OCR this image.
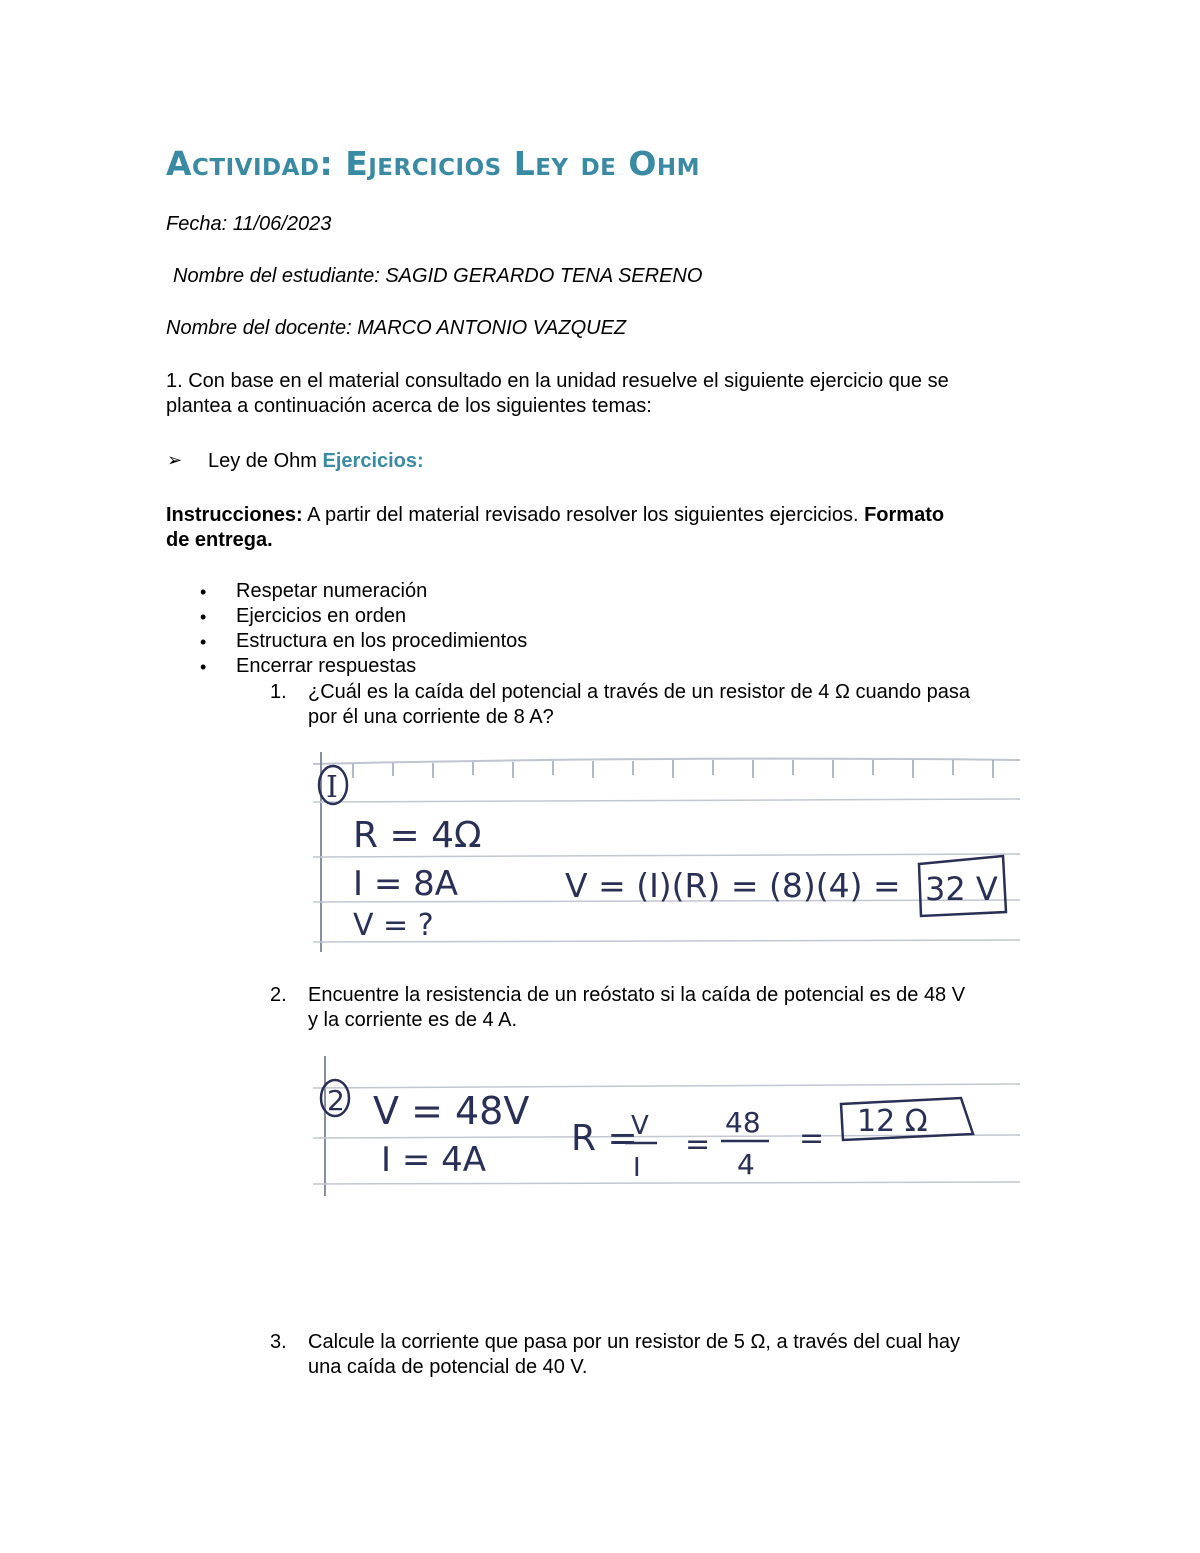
Actividad: Ejercicios Ley de Ohm
Fecha: 11/06/2023
Nombre del estudiante: SAGID GERARDO TENA SERENO
Nombre del docente: MARCO ANTONIO VAZQUEZ
1. Con base en el material consultado en la unidad resuelve el siguiente ejercicio que se
plantea a continuación acerca de los siguientes temas:
➢ Ley de Ohm Ejercicios:
Instrucciones: A partir del material revisado resolver los siguientes ejercicios. Formato
de entrega.
• Respetar numeración
• Ejercicios en orden
• Estructura en los procedimientos
• Encerrar respuestas
1. ¿Cuál es la caída del potencial a través de un resistor de 4 Ω cuando pasa
por él una corriente de 8 A?
I
R = 4Ω
I = 8A
V = ?
V = (I)(R) = (8)(4) = 32 V
2. Encuentre la resistencia de un reóstato si la caída de potencial es de 48 V
y la corriente es de 4 A.
2 V = 48V
I = 4A
R =
V
I
=
48
4
= 12 Ω
3. Calcule la corriente que pasa por un resistor de 5 Ω, a través del cual hay
una caída de potencial de 40 V.
